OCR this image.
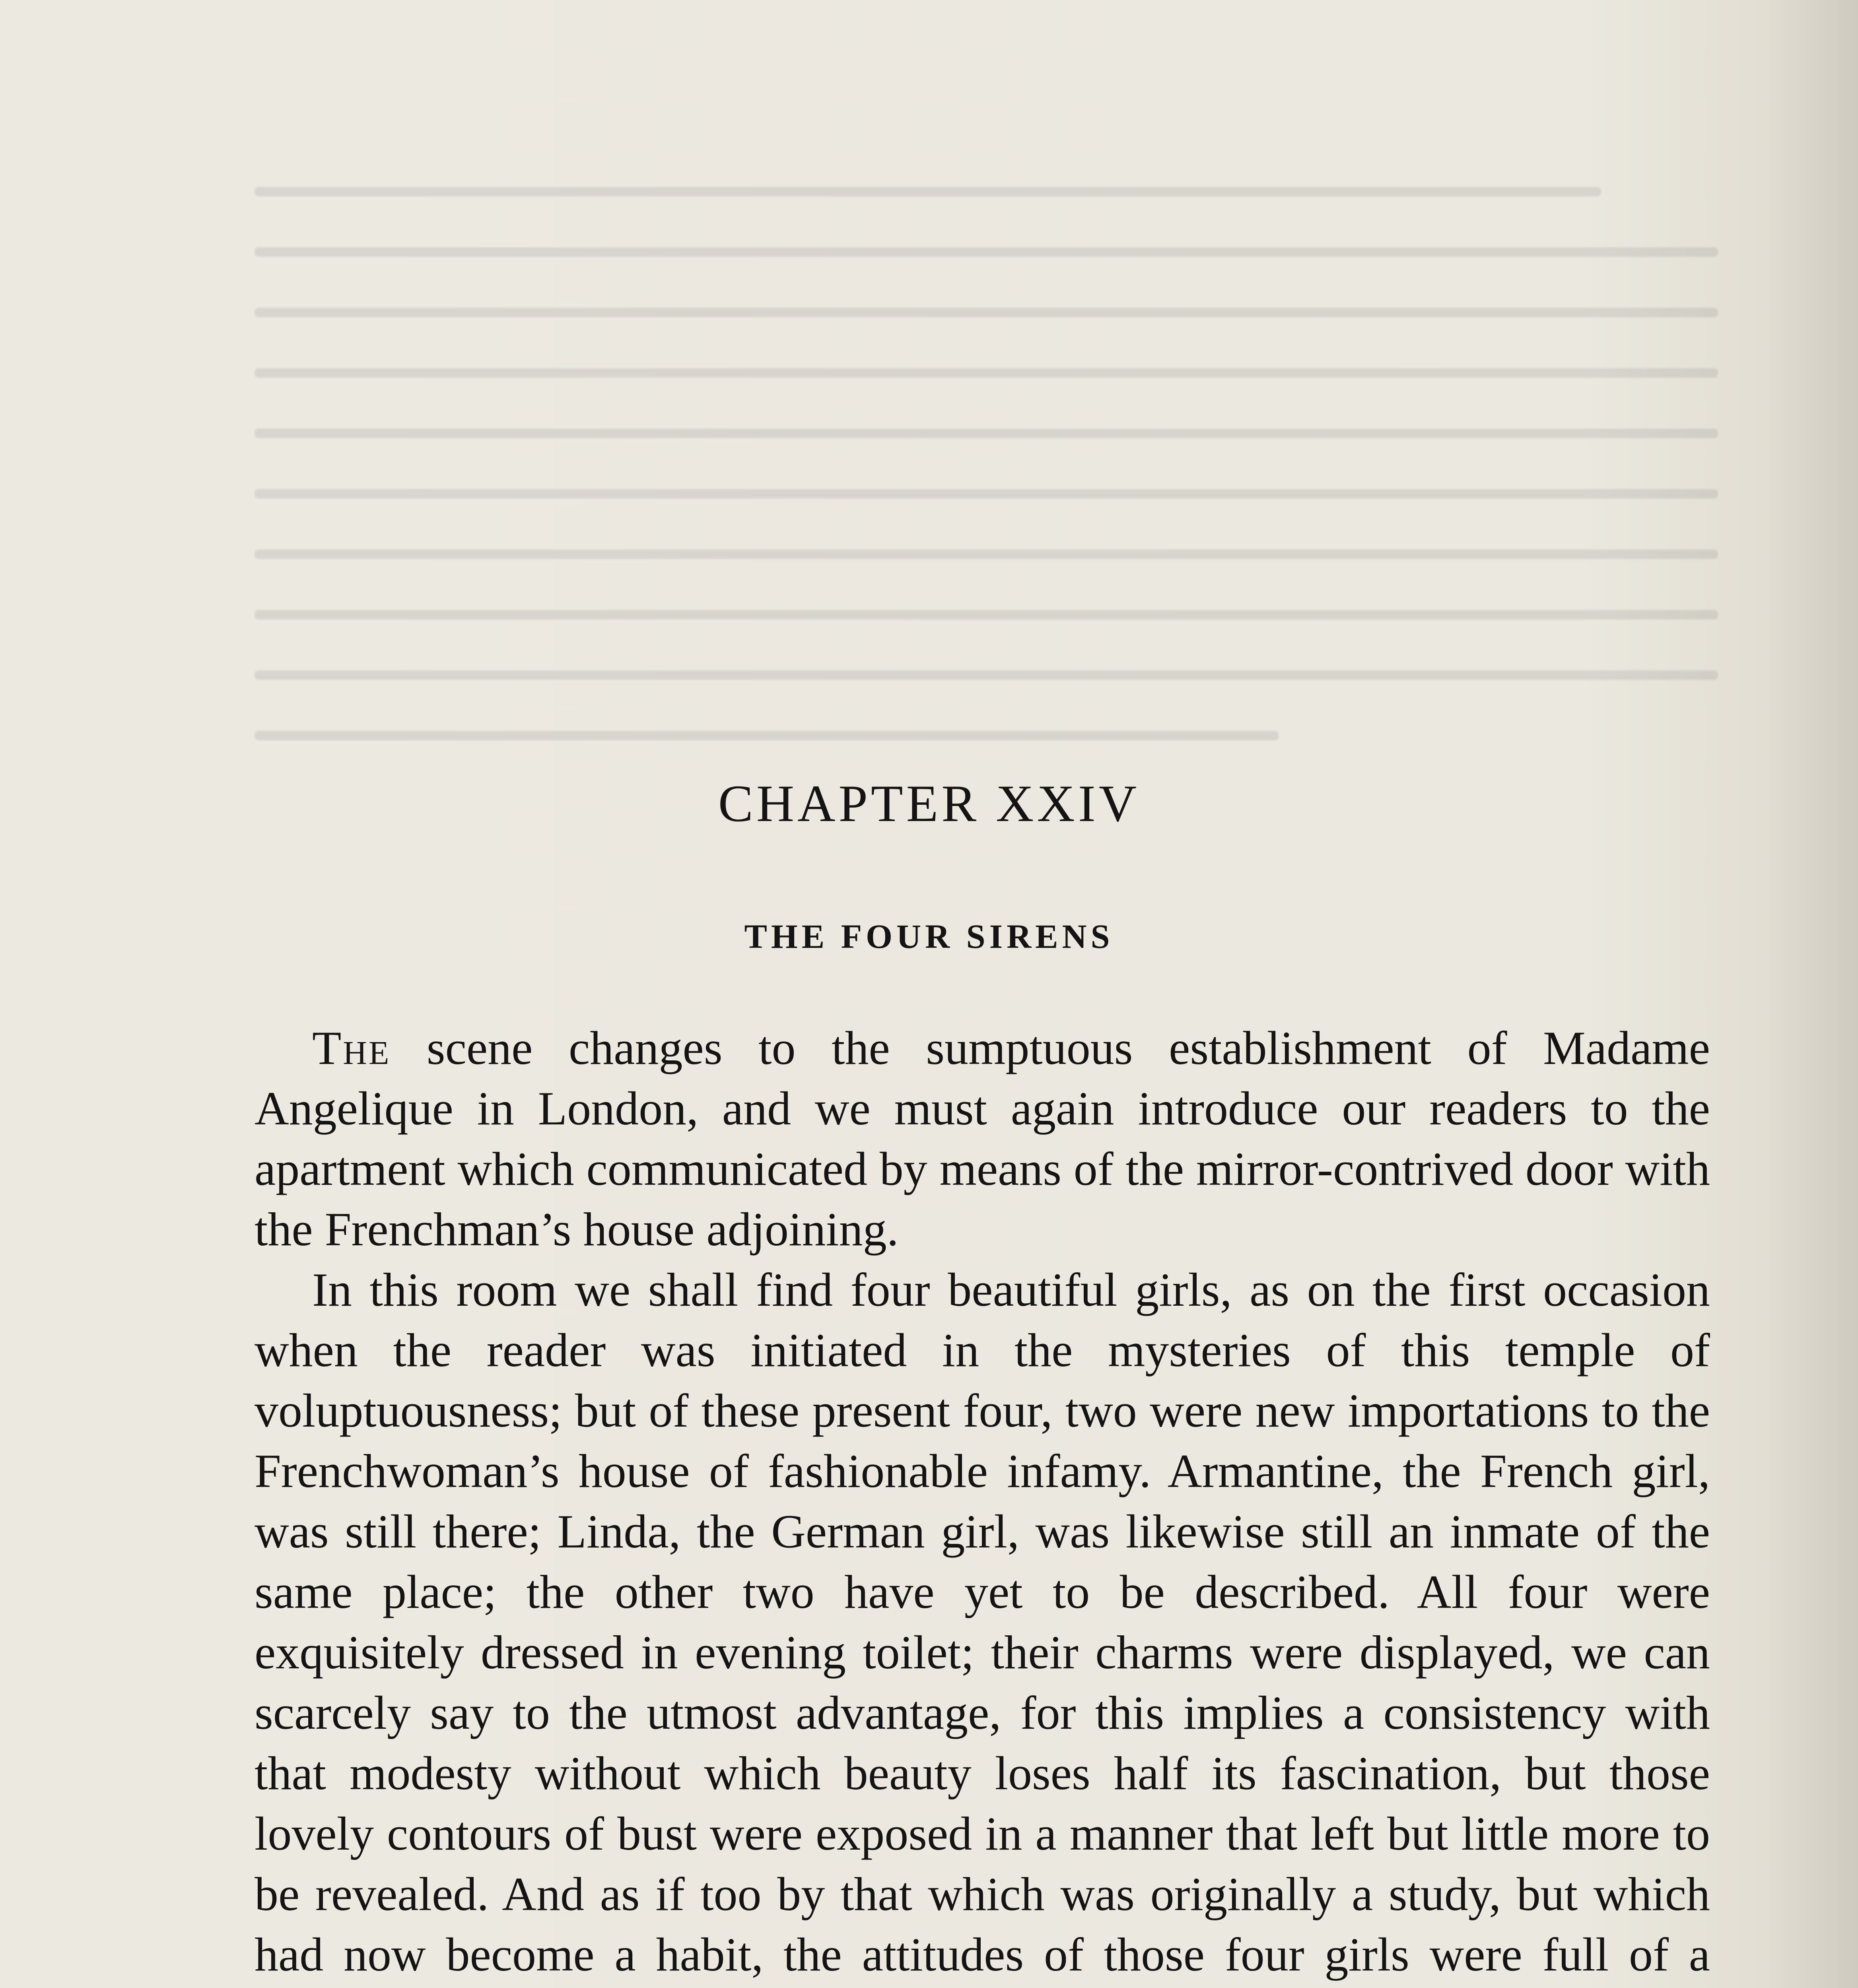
CHAPTER XXIV
THE FOUR SIRENS

The scene changes to the sumptuous establishment of Madame Angelique in London, and we must again introduce our readers to the apartment which communicated by means of the mirror-contrived door with the Frenchman’s house adjoining.

In this room we shall find four beautiful girls, as on the first occasion when the reader was initiated in the mysteries of this temple of voluptuousness; but of these present four, two were new importations to the Frenchwoman’s house of fashionable infamy. Armantine, the French girl, was still there; Linda, the German girl, was likewise still an inmate of the same place; the other two have yet to be described. All four were exquisitely dressed in evening toilet; their charms were displayed, we can scarcely say to the utmost advantage, for this implies a consistency with that modesty without which beauty loses half its fascination, but those lovely contours of bust were exposed in a manner that left but little more to be revealed. And as if too by that which was originally a study, but which had now become a habit, the attitudes of those four girls were full of a
